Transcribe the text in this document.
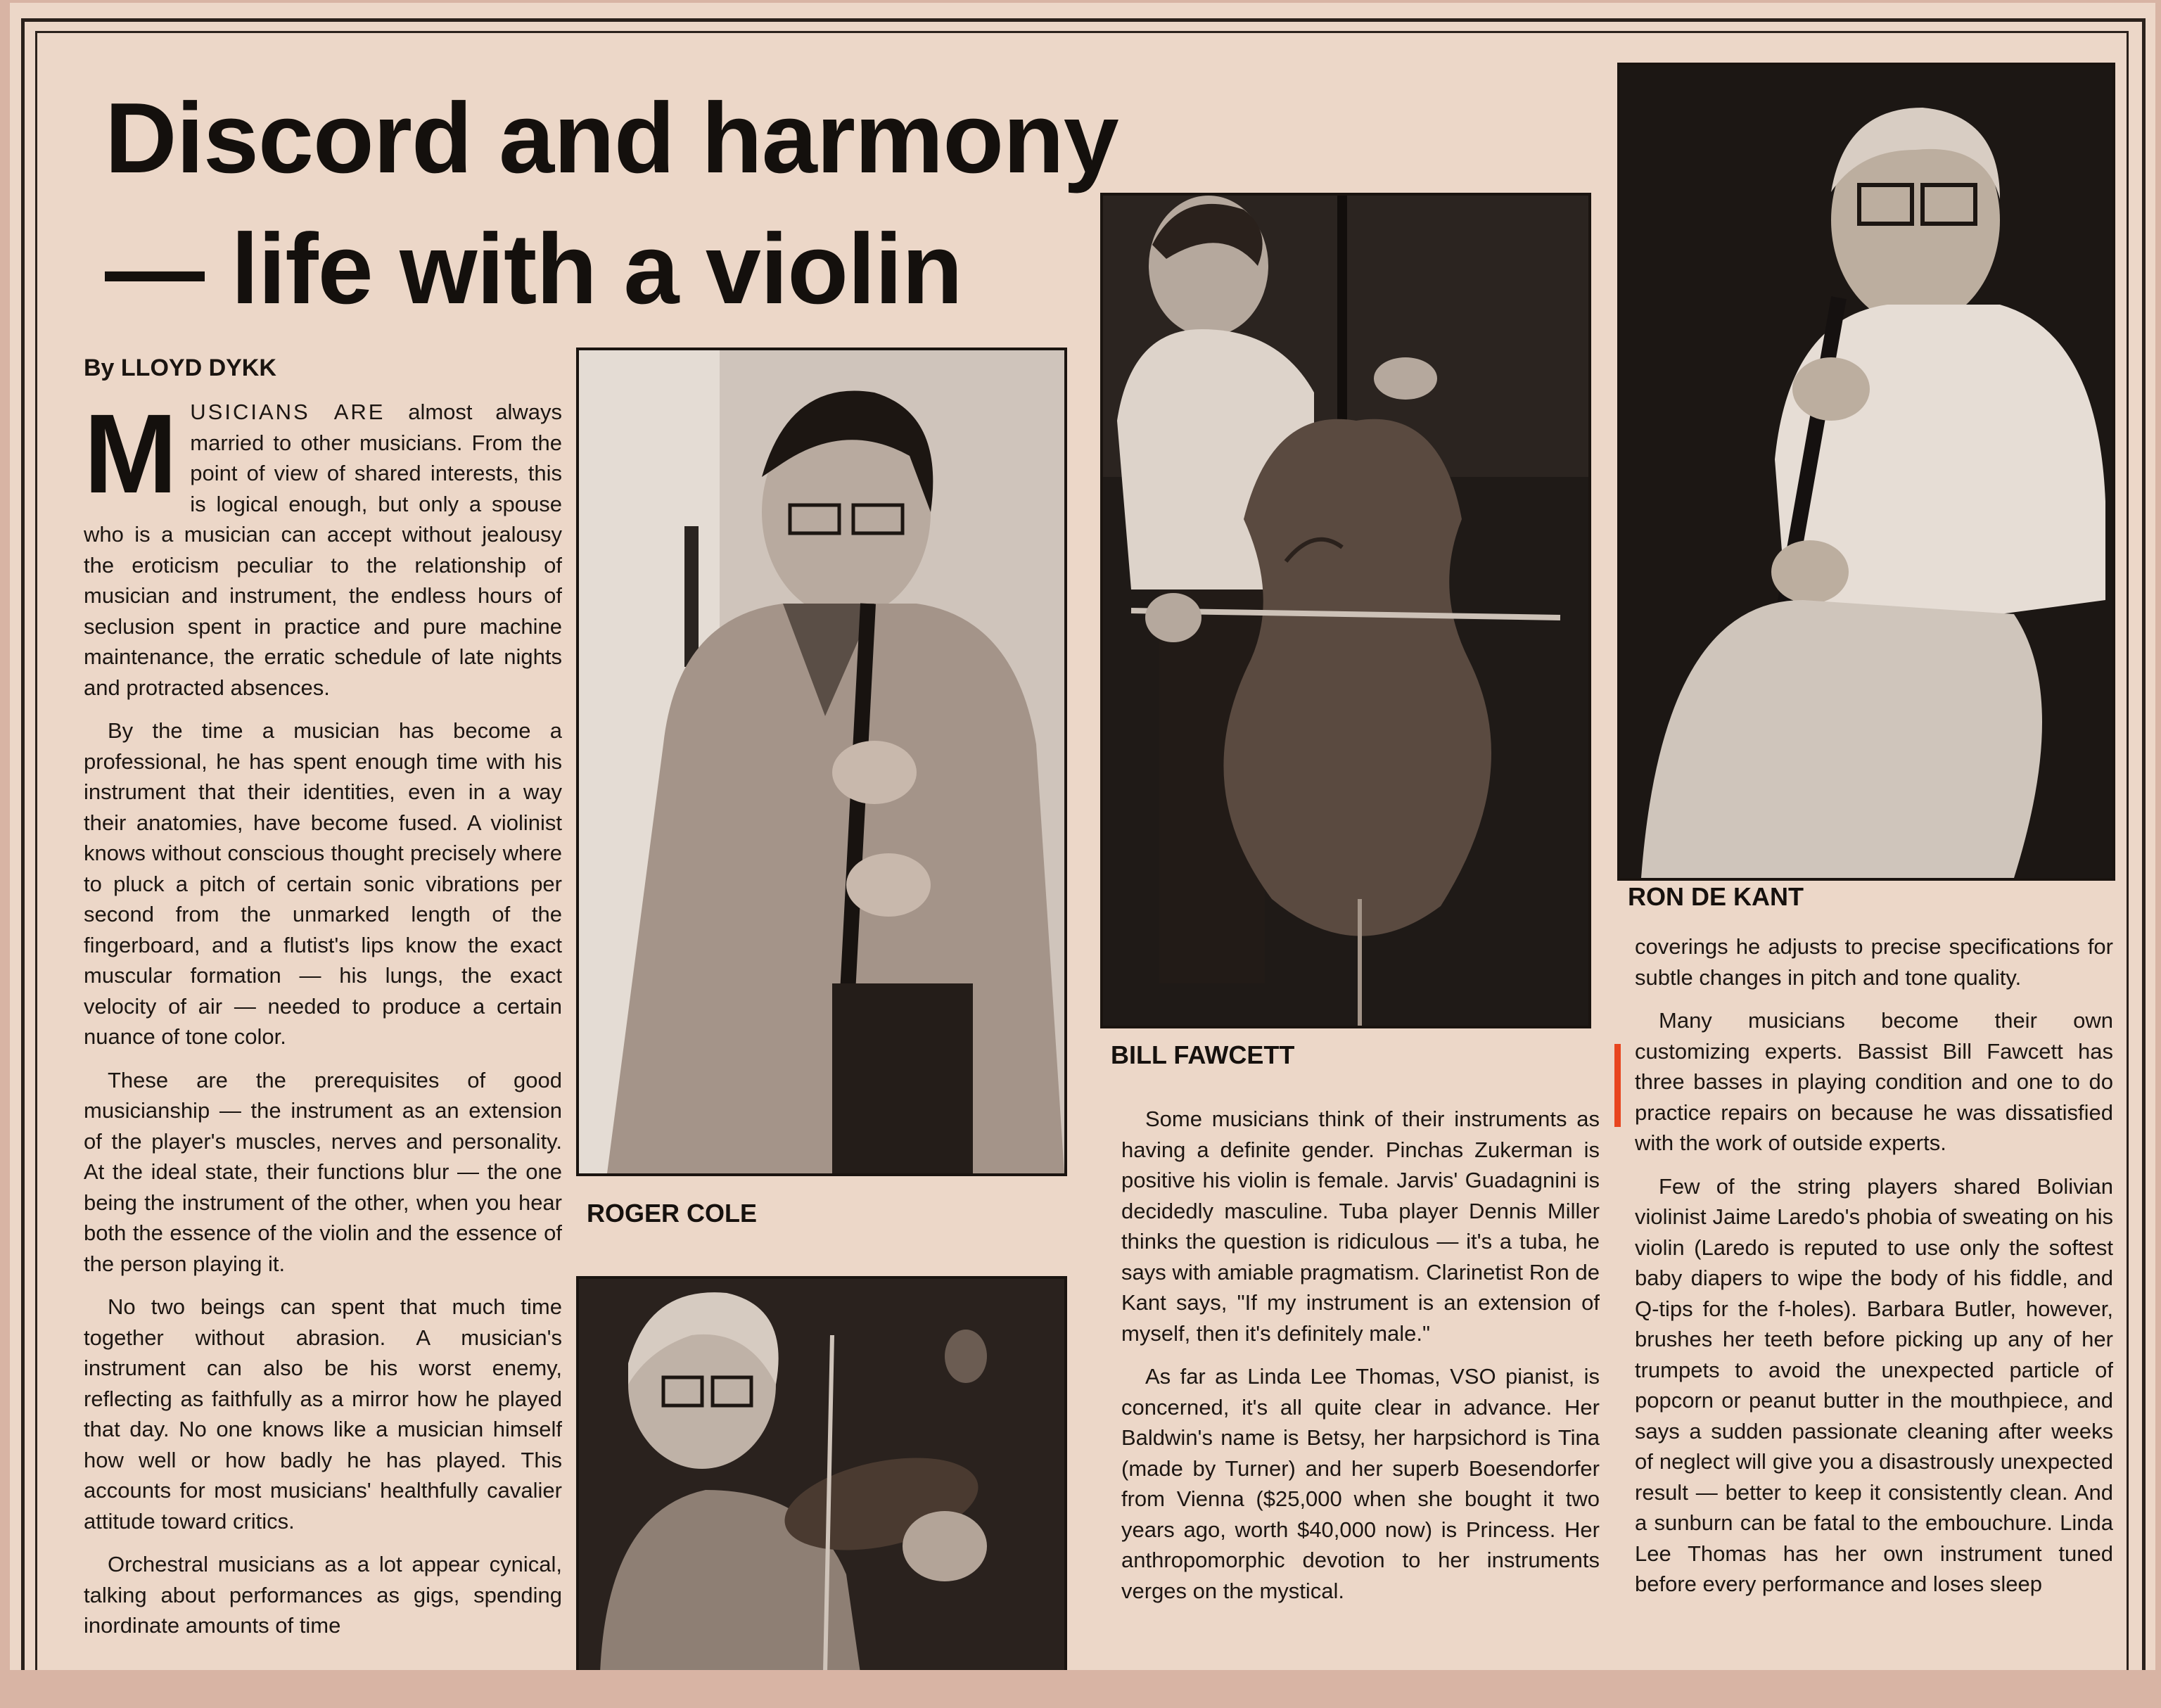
Discord and harmony
— life with a violin
By LLOYD DYKK

MUSICIANS ARE almost always married to other musicians. From the point of view of shared interests, this is logical enough, but only a spouse who is a musician can accept without jealousy the eroticism peculiar to the relationship of musician and instrument, the endless hours of seclusion spent in practice and pure machine maintenance, the erratic schedule of late nights and protracted absences.

By the time a musician has become a professional, he has spent enough time with his instrument that their identities, even in a way their anatomies, have become fused. A violinist knows without conscious thought precisely where to pluck a pitch of certain sonic vibrations per second from the unmarked length of the fingerboard, and a flutist's lips know the exact muscular formation — his lungs, the exact velocity of air — needed to produce a certain nuance of tone color.

These are the prerequisites of good musicianship — the instrument as an extension of the player's muscles, nerves and personality. At the ideal state, their functions blur — the one being the instrument of the other, when you hear both the essence of the violin and the essence of the person playing it.

No two beings can spent that much time together without abrasion. A musician's instrument can also be his worst enemy, reflecting as faithfully as a mirror how he played that day. No one knows like a musician himself how well or how badly he has played. This accounts for most musicians' healthfully cavalier attitude toward critics.

Orchestral musicians as a lot appear cynical, talking about performances as gigs, spending inordinate amounts of time

ROGER COLE
BILL FAWCETT

Some musicians think of their instruments as having a definite gender. Pinchas Zukerman is positive his violin is female. Jarvis' Guadagnini is decidedly masculine. Tuba player Dennis Miller thinks the question is ridiculous — it's a tuba, he says with amiable pragmatism. Clarinetist Ron de Kant says, "If my instrument is an extension of myself, then it's definitely male."

As far as Linda Lee Thomas, VSO pianist, is concerned, it's all quite clear in advance. Her Baldwin's name is Betsy, her harpsichord is Tina (made by Turner) and her superb Boesendorfer from Vienna ($25,000 when she bought it two years ago, worth $40,000 now) is Princess. Her anthropomorphic devotion to her instruments verges on the mystical.

RON DE KANT

coverings he adjusts to precise specifications for subtle changes in pitch and tone quality.

Many musicians become their own customizing experts. Bassist Bill Fawcett has three basses in playing condition and one to do practice repairs on because he was dissatisfied with the work of outside experts.

Few of the string players shared Bolivian violinist Jaime Laredo's phobia of sweating on his violin (Laredo is reputed to use only the softest baby diapers to wipe the body of his fiddle, and Q-tips for the f-holes). Barbara Butler, however, brushes her teeth before picking up any of her trumpets to avoid the unexpected particle of popcorn or peanut butter in the mouthpiece, and says a sudden passionate cleaning after weeks of neglect will give you a disastrously unexpected result — better to keep it consistently clean. And a sunburn can be fatal to the embouchure. Linda Lee Thomas has her own instrument tuned before every performance and loses sleep
